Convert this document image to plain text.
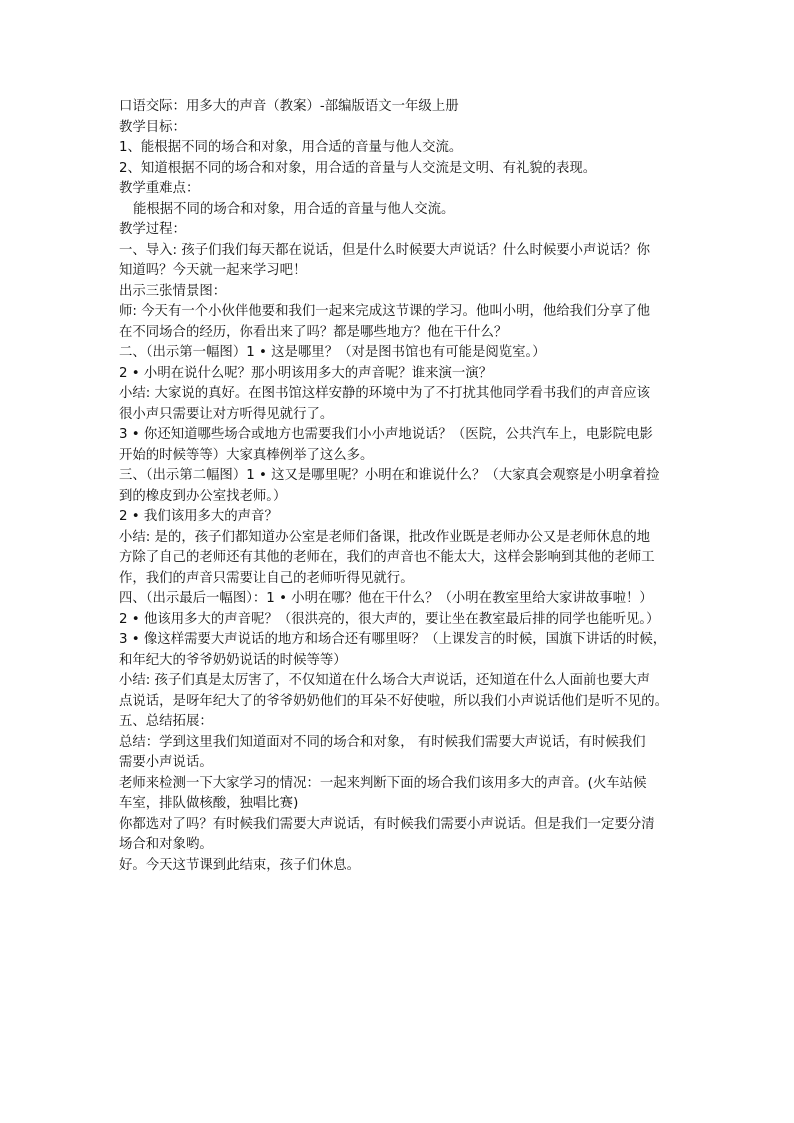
口语交际：用多大的声音（教案）-部编版语文一年级上册
教学目标：
1、能根据不同的场合和对象，用合适的音量与他人交流。
2、知道根据不同的场合和对象，用合适的音量与人交流是文明、有礼貌的表现。
教学重难点：
能根据不同的场合和对象，用合适的音量与他人交流。
教学过程：
一、导入: 孩子们我们每天都在说话，但是什么时候要大声说话？什么时候要小声说话？你
知道吗？今天就一起来学习吧！
出示三张情景图：
师: 今天有一个小伙伴他要和我们一起来完成这节课的学习。他叫小明，他给我们分享了他
在不同场合的经历，你看出来了吗？都是哪些地方？他在干什么？
二、（出示第一幅图）1 • 这是哪里？（对是图书馆也有可能是阅览室。）
2 • 小明在说什么呢？那小明该用多大的声音呢？谁来演一演？
小结: 大家说的真好。在图书馆这样安静的环境中为了不打扰其他同学看书我们的声音应该
很小声只需要让对方听得见就行了。
3 • 你还知道哪些场合或地方也需要我们小小声地说话？（医院，公共汽车上，电影院电影
开始的时候等等）大家真棒例举了这么多。
三、（出示第二幅图）1 • 这又是哪里呢？小明在和谁说什么？（大家真会观察是小明拿着捡
到的橡皮到办公室找老师。）
2 • 我们该用多大的声音？
小结: 是的，孩子们都知道办公室是老师们备课，批改作业既是老师办公又是老师休息的地
方除了自己的老师还有其他的老师在，我们的声音也不能太大，这样会影响到其他的老师工
作，我们的声音只需要让自己的老师听得见就行。
四、（出示最后一幅图）：1 • 小明在哪？他在干什么？（小明在教室里给大家讲故事啦！）
2 • 他该用多大的声音呢？（很洪亮的，很大声的，要让坐在教室最后排的同学也能听见。）
3 • 像这样需要大声说话的地方和场合还有哪里呀？（上课发言的时候，国旗下讲话的时候，
和年纪大的爷爷奶奶说话的时候等等）
小结: 孩子们真是太厉害了，不仅知道在什么场合大声说话，还知道在什么人面前也要大声
点说话，是呀年纪大了的爷爷奶奶他们的耳朵不好使啦，所以我们小声说话他们是听不见的。
五、总结拓展：
总结：学到这里我们知道面对不同的场合和对象， 有时候我们需要大声说话，有时候我们
需要小声说话。
老师来检测一下大家学习的情况：一起来判断下面的场合我们该用多大的声音。(火车站候
车室，排队做核酸，独唱比赛)
你都选对了吗？有时候我们需要大声说话，有时候我们需要小声说话。但是我们一定要分清
场合和对象哟。
好。今天这节课到此结束，孩子们休息。
